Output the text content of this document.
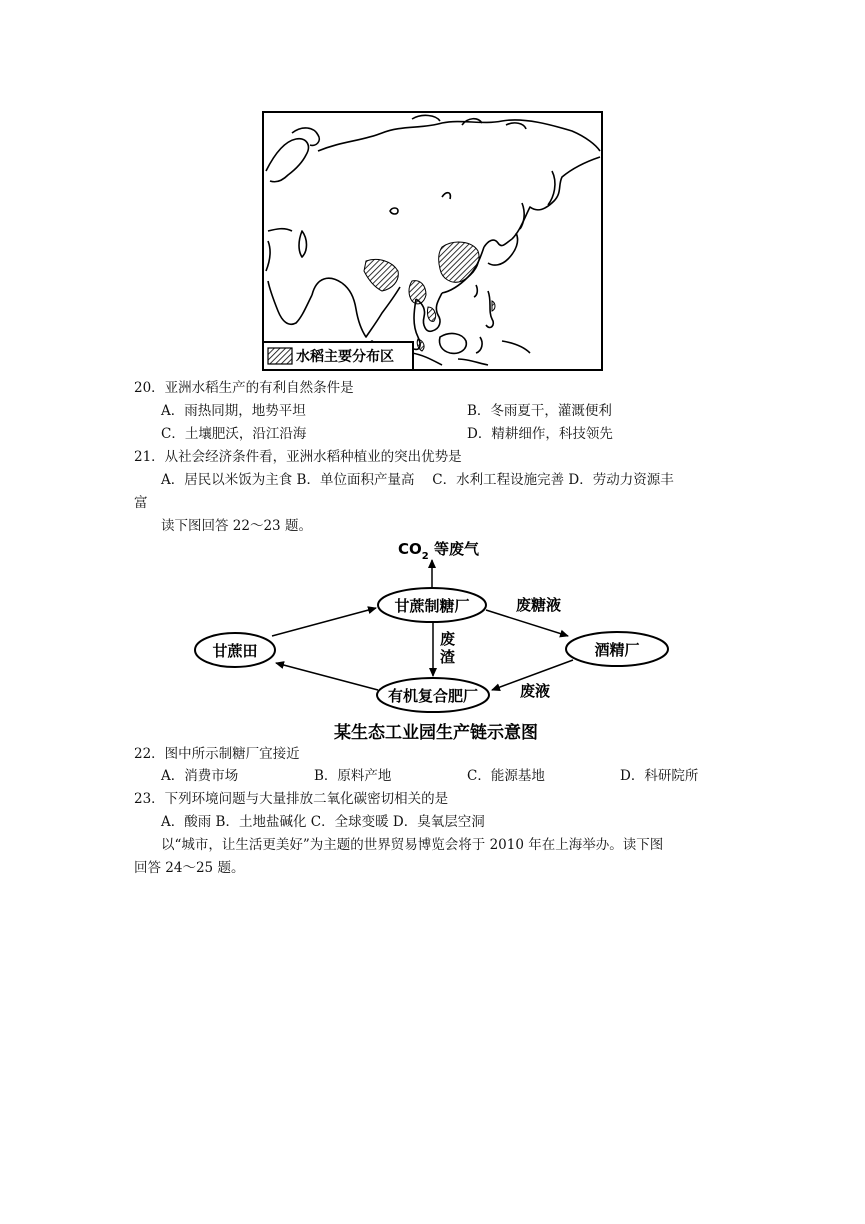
水稻主要分布区
20．亚洲水稻生产的有利自然条件是
A．雨热同期，地势平坦	B．冬雨夏干，灌溉便利
C．土壤肥沃，沿江沿海	D．精耕细作，科技领先
21．从社会经济条件看，亚洲水稻种植业的突出优势是
A．居民以米饭为主食 B．单位面积产量高　 C．水利工程设施完善 D．劳动力资源丰
富
读下图回答 22～23 题。
$CO_2$ 等废气
甘蔗制糖厂
甘蔗田	酒精厂
有机复合肥厂
废糖液
废
渣
废液
某生态工业园生产链示意图
22．图中所示制糖厂宜接近
A．消费市场	B．原料产地	C．能源基地	D．科研院所
23．下列环境问题与大量排放二氧化碳密切相关的是
A．酸雨 B．土地盐碱化 C．全球变暖 D．臭氧层空洞
以“城市，让生活更美好”为主题的世界贸易博览会将于 2010 年在上海举办。读下图
回答 24～25 题。
